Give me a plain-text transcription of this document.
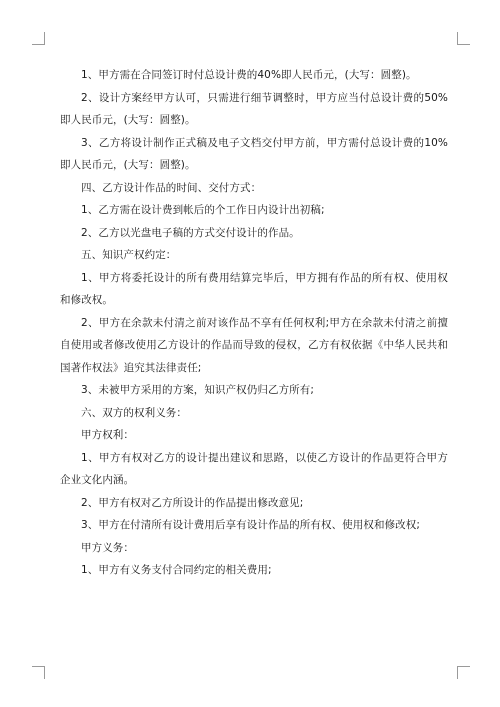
1、甲方需在合同签订时付总设计费的40%即人民币元，(大写：圆整)。

2、设计方案经甲方认可，只需进行细节调整时，甲方应当付总设计费的50%即人民币元，(大写：圆整)。

3、乙方将设计制作正式稿及电子文档交付甲方前，甲方需付总设计费的10%即人民币元，(大写：圆整)。

四、乙方设计作品的时间、交付方式：

1、乙方需在设计费到帐后的个工作日内设计出初稿;

2、乙方以光盘电子稿的方式交付设计的作品。

五、知识产权约定：

1、甲方将委托设计的所有费用结算完毕后，甲方拥有作品的所有权、使用权和修改权。

2、甲方在余款未付清之前对该作品不享有任何权利;甲方在余款未付清之前擅自使用或者修改使用乙方设计的作品而导致的侵权，乙方有权依据《中华人民共和国著作权法》追究其法律责任;

3、未被甲方采用的方案，知识产权仍归乙方所有;

六、双方的权利义务：

甲方权利：

1、甲方有权对乙方的设计提出建议和思路，以使乙方设计的作品更符合甲方企业文化内涵。

2、甲方有权对乙方所设计的作品提出修改意见;

3、甲方在付清所有设计费用后享有设计作品的所有权、使用权和修改权;

甲方义务：

1、甲方有义务支付合同约定的相关费用;
